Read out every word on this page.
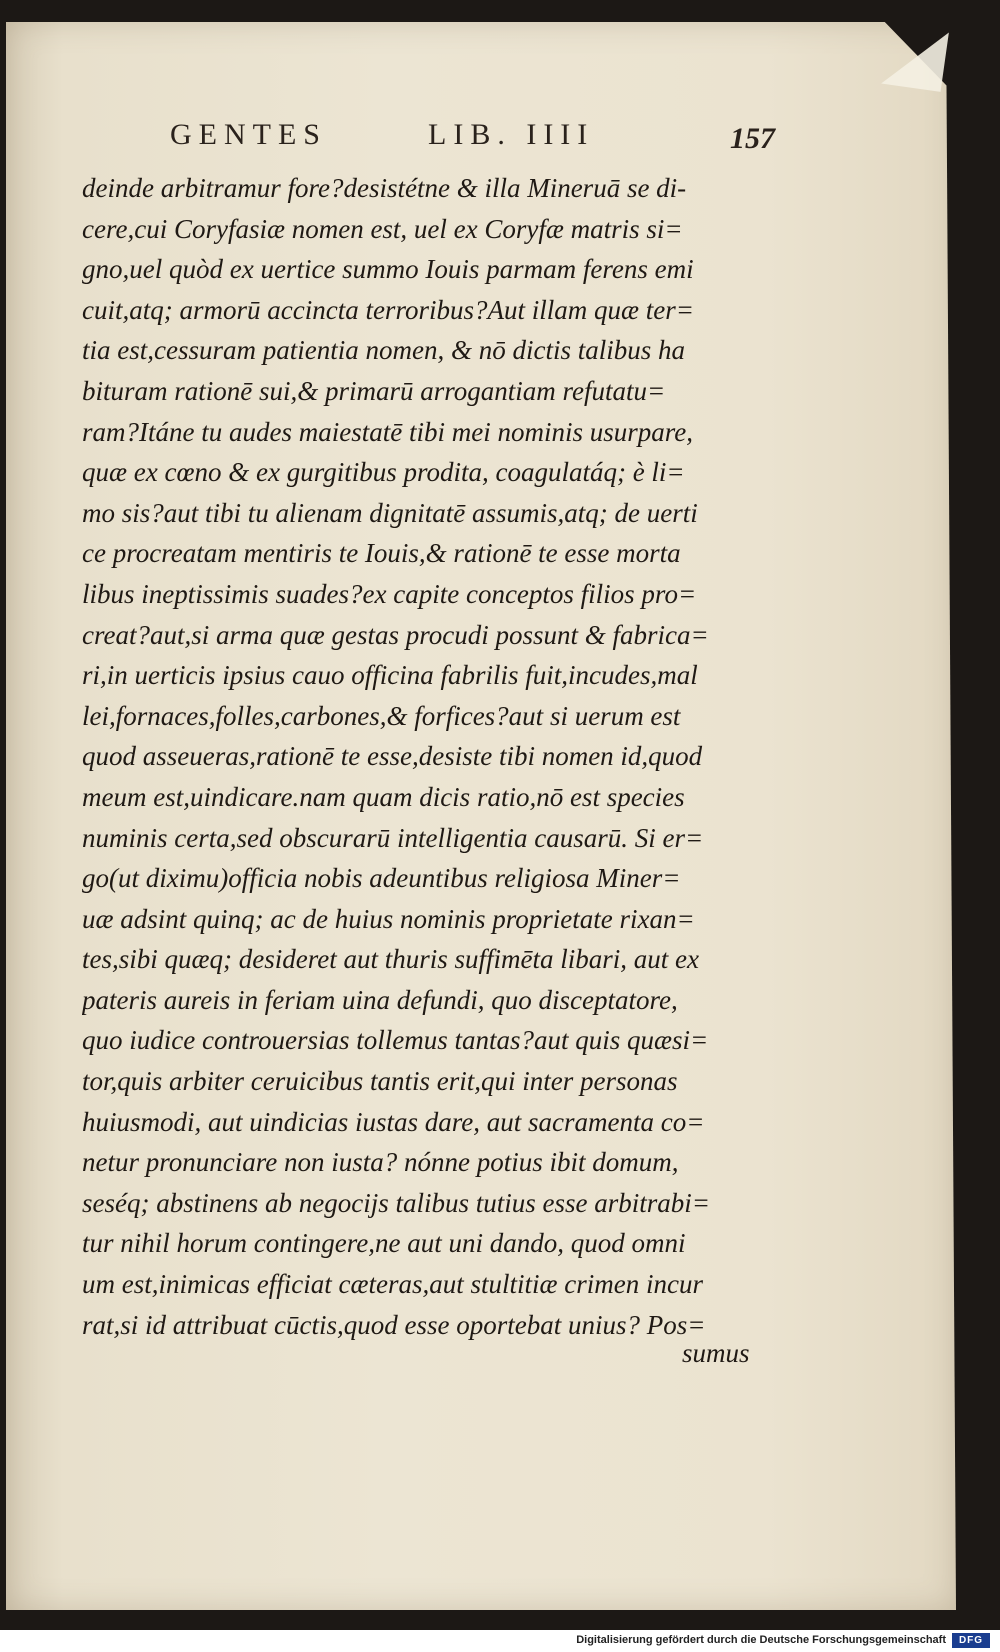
GENTES	LIB. IIII	157
deinde arbitramur fore?desistétne & illa Mineruā se di-
cere,cui Coryfasiæ nomen est, uel ex Coryfæ matris si=
gno,uel quòd ex uertice summo Iouis parmam ferens emi
cuit,atq; armorū accincta terroribus?Aut illam quæ ter=
tia est,cessuram patientia nomen, & nō dictis talibus ha
bituram rationē sui,& primarū arrogantiam refutatu=
ram?Itáne tu audes maiestatē tibi mei nominis usurpare,
quæ ex cœno & ex gurgitibus prodita, coagulatáq; è li=
mo sis?aut tibi tu alienam dignitatē assumis,atq; de uerti
ce procreatam mentiris te Iouis,& rationē te esse morta
libus ineptissimis suades?ex capite conceptos filios pro=
creat?aut,si arma quæ gestas procudi possunt & fabrica=
ri,in uerticis ipsius cauo officina fabrilis fuit,incudes,mal
lei,fornaces,folles,carbones,& forfices?aut si uerum est
quod asseueras,rationē te esse,desiste tibi nomen id,quod
meum est,uindicare.nam quam dicis ratio,nō est species
numinis certa,sed obscurarū intelligentia causarū. Si er=
go(ut diximu)officia nobis adeuntibus religiosa Miner=
uæ adsint quinq; ac de huius nominis proprietate rixan=
tes,sibi quæq; desideret aut thuris suffimēta libari, aut ex
pateris aureis in feriam uina defundi, quo disceptatore,
quo iudice controuersias tollemus tantas?aut quis quæsi=
tor,quis arbiter ceruicibus tantis erit,qui inter personas
huiusmodi, aut uindicias iustas dare, aut sacramenta co=
netur pronunciare non iusta? nónne potius ibit domum,
seséq; abstinens ab negocijs talibus tutius esse arbitrabi=
tur nihil horum contingere,ne aut uni dando, quod omni
um est,inimicas efficiat cæteras,aut stultitiæ crimen incur
rat,si id attribuat cūctis,quod esse oportebat unius? Pos=
sumus
Digitalisierung gefördert durch die Deutsche Forschungsgemeinschaft	DFG
